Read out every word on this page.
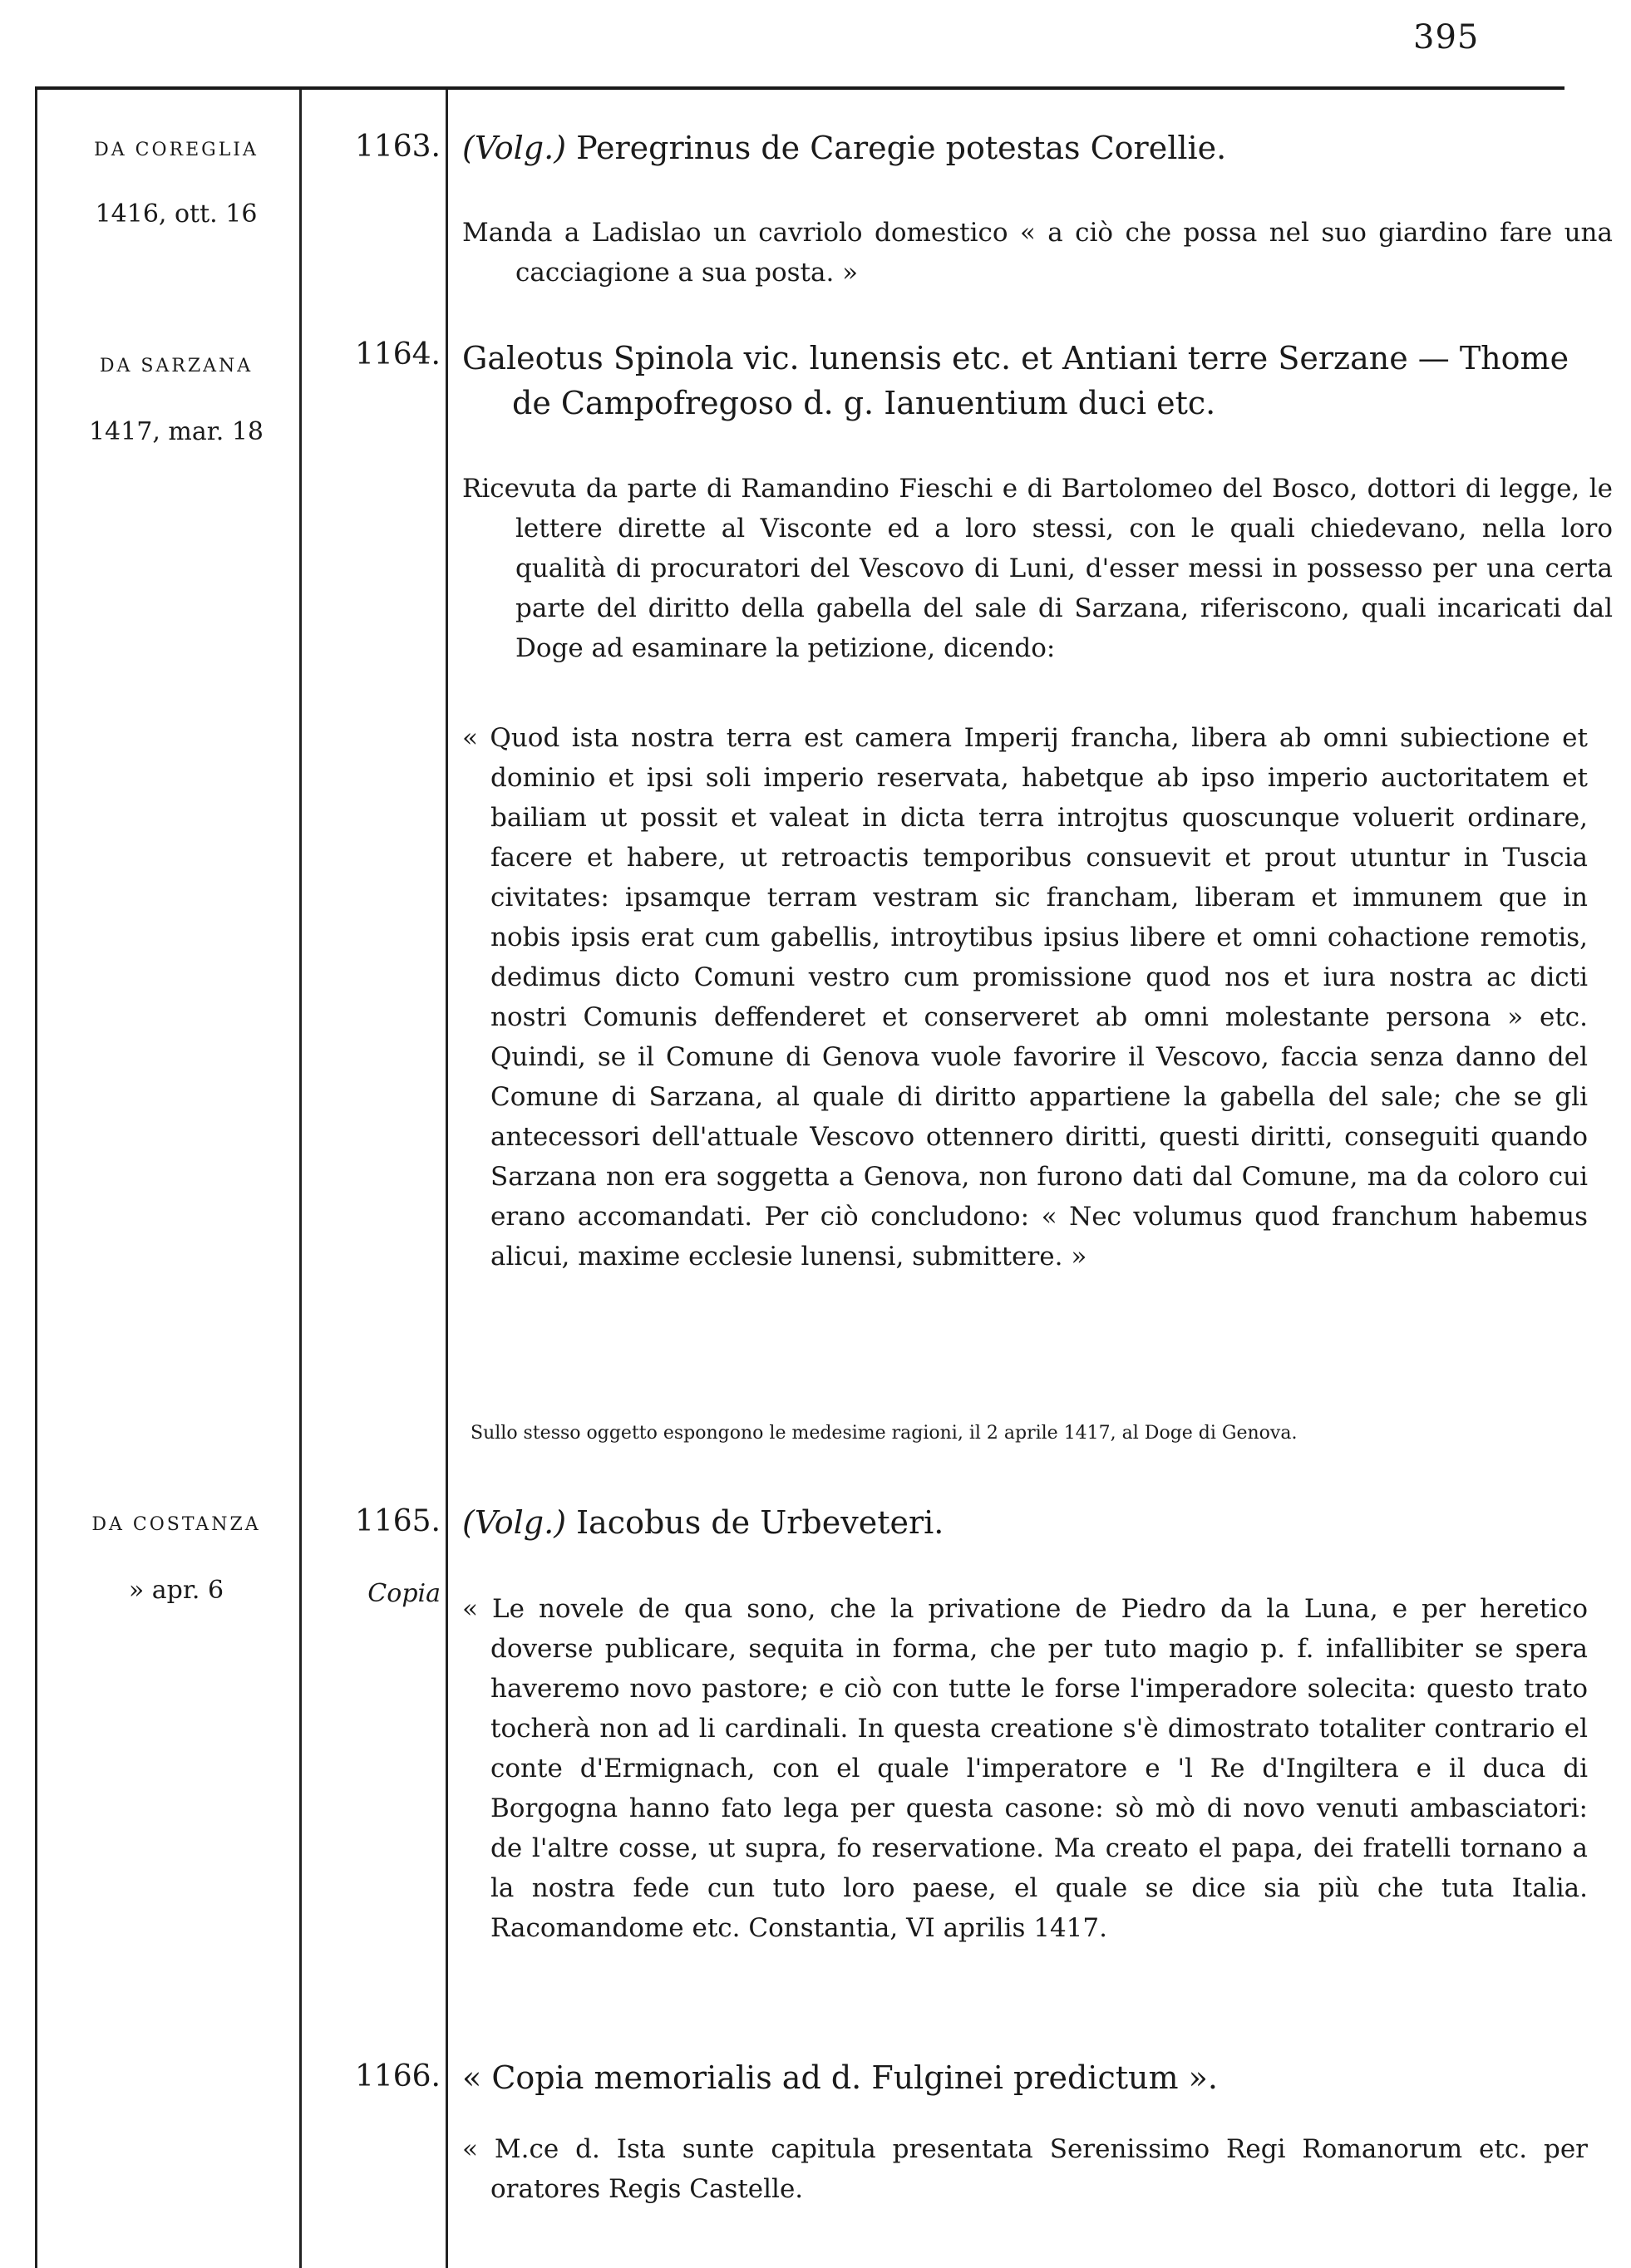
395
DA COREGLIA
1416, ott. 16
1163. (Volg.) Peregrinus de Caregie potestas Corellie.

Manda a Ladislao un cavriolo domestico « a ciò che possa nel suo giardino fare una cacciagione a sua posta. »

DA SARZANA
1417, mar. 18
1164. Galeotus Spinola vic. lunensis etc. et Antiani terre Serzane — Thome de Campofregoso d. g. Ianuentium duci etc.

Ricevuta da parte di Ramandino Fieschi e di Bartolomeo del Bosco, dottori di legge, le lettere dirette al Visconte ed a loro stessi, con le quali chiedevano, nella loro qualità di procuratori del Vescovo di Luni, d'esser messi in possesso per una certa parte del diritto della gabella del sale di Sarzana, riferiscono, quali incaricati dal Doge ad esaminare la petizione, dicendo:

« Quod ista nostra terra est camera Imperij francha, libera ab omni subiectione et dominio et ipsi soli imperio reservata, habetque ab ipso imperio auctoritatem et bailiam ut possit et valeat in dicta terra introjtus quoscunque voluerit ordinare, facere et habere, ut retroactis temporibus consuevit et prout utuntur in Tuscia civitates: ipsamque terram vestram sic francham, liberam et immunem que in nobis ipsis erat cum gabellis, introytibus ipsius libere et omni cohactione remotis, dedimus dicto Comuni vestro cum promissione quod nos et iura nostra ac dicti nostri Comunis deffenderet et conserveret ab omni molestante persona » etc. Quindi, se il Comune di Genova vuole favorire il Vescovo, faccia senza danno del Comune di Sarzana, al quale di diritto appartiene la gabella del sale; che se gli antecessori dell'attuale Vescovo ottennero diritti, questi diritti, conseguiti quando Sarzana non era soggetta a Genova, non furono dati dal Comune, ma da coloro cui erano accomandati. Per ciò concludono: « Nec volumus quod franchum habemus alicui, maxime ecclesie lunensi, submittere. »

Sullo stesso oggetto espongono le medesime ragioni, il 2 aprile 1417, al Doge di Genova.
DA COSTANZA
» apr. 6
1165.
Copia
(Volg.) Iacobus de Urbeveteri.

« Le novele de qua sono, che la privatione de Piedro da la Luna, e per heretico doverse publicare, sequita in forma, che per tuto magio p. f. infallibiter se spera haveremo novo pastore; e ciò con tutte le forse l'imperadore solecita: questo trato tocherà non ad li cardinali. In questa creatione s'è dimostrato totaliter contrario el conte d'Ermignach, con el quale l'imperatore e 'l Re d'Ingiltera e il duca di Borgogna hanno fato lega per questa casone: sò mò di novo venuti ambasciatori: de l'altre cosse, ut supra, fo reservatione. Ma creato el papa, dei fratelli tornano a la nostra fede cun tuto loro paese, el quale se dice sia più che tuta Italia. Racomandome etc. Constantia, VI aprilis 1417.

1166. « Copia memorialis ad d. Fulginei predictum ».

« M.ce d. Ista sunte capitula presentata Serenissimo Regi Romanorum etc. per oratores Regis Castelle.
